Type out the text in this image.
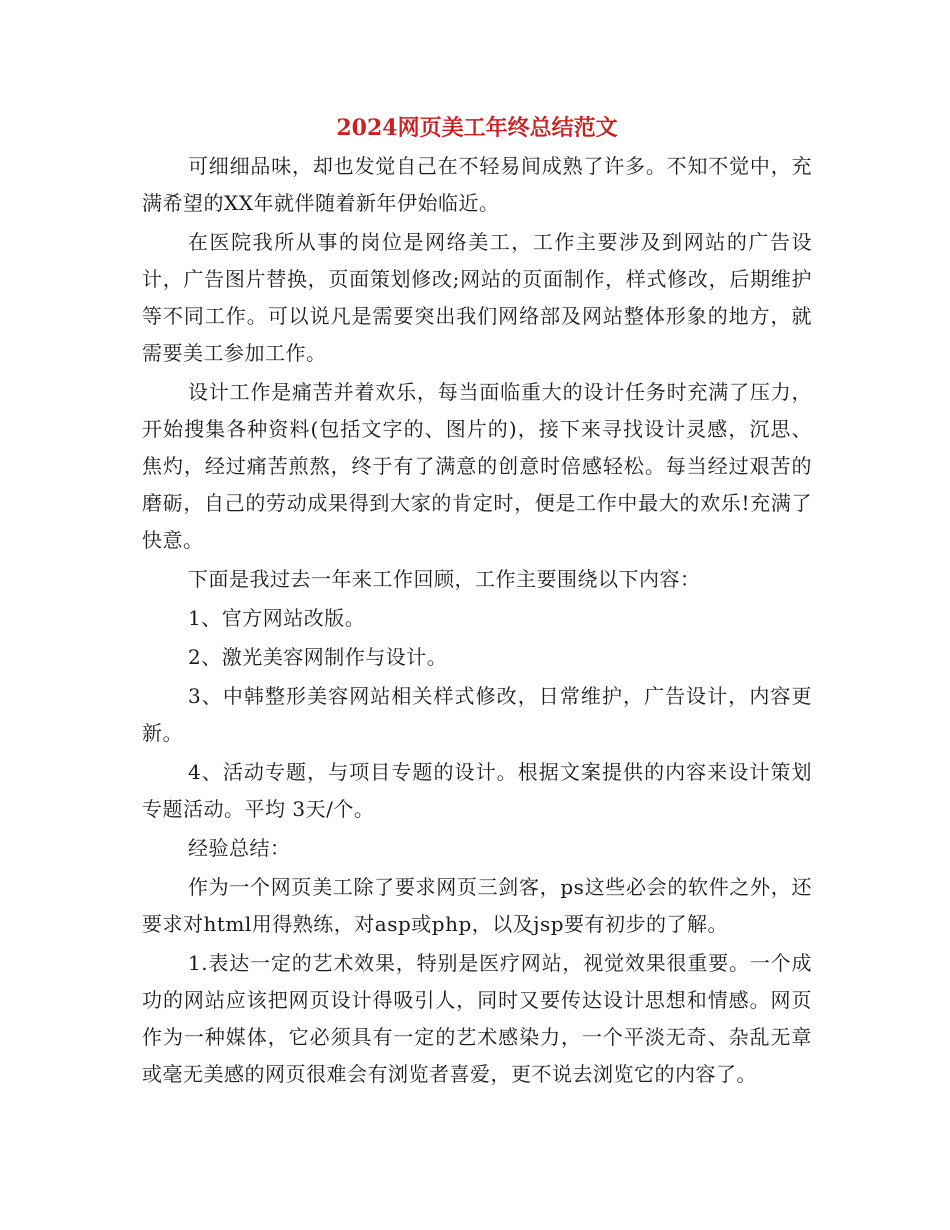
2024网页美工年终总结范文

可细细品味，却也发觉自己在不轻易间成熟了许多。不知不觉中，充满希望的XX年就伴随着新年伊始临近。

在医院我所从事的岗位是网络美工，工作主要涉及到网站的广告设计，广告图片替换，页面策划修改;网站的页面制作，样式修改，后期维护等不同工作。可以说凡是需要突出我们网络部及网站整体形象的地方，就需要美工参加工作。

设计工作是痛苦并着欢乐，每当面临重大的设计任务时充满了压力，开始搜集各种资料(包括文字的、图片的)，接下来寻找设计灵感，沉思、焦灼，经过痛苦煎熬，终于有了满意的创意时倍感轻松。每当经过艰苦的磨砺，自己的劳动成果得到大家的肯定时，便是工作中最大的欢乐!充满了快意。

下面是我过去一年来工作回顾，工作主要围绕以下内容：

1、官方网站改版。

2、激光美容网制作与设计。

3、中韩整形美容网站相关样式修改，日常维护，广告设计，内容更新。

4、活动专题，与项目专题的设计。根据文案提供的内容来设计策划专题活动。平均 3天/个。

经验总结：

作为一个网页美工除了要求网页三剑客，ps这些必会的软件之外，还要求对html用得熟练，对asp或php，以及jsp要有初步的了解。

1.表达一定的艺术效果，特别是医疗网站，视觉效果很重要。一个成功的网站应该把网页设计得吸引人，同时又要传达设计思想和情感。网页作为一种媒体，它必须具有一定的艺术感染力，一个平淡无奇、杂乱无章或毫无美感的网页很难会有浏览者喜爱，更不说去浏览它的内容了。
